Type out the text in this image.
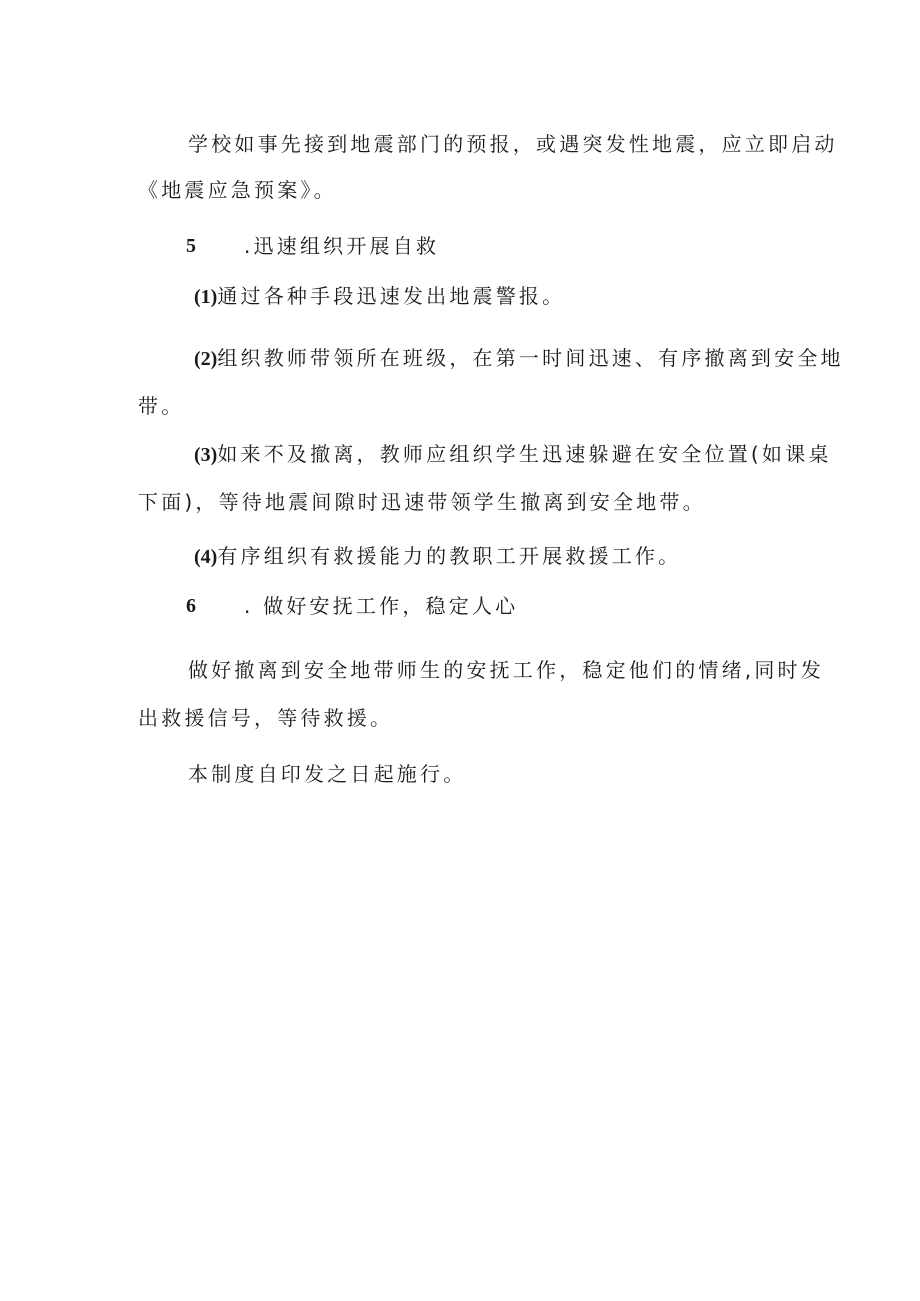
学校如事先接到地震部门的预报，或遇突发性地震，应立即启动
《地震应急预案》。
5 .迅速组织开展自救
(1)通过各种手段迅速发出地震警报。
(2)组织教师带领所在班级，在第一时间迅速、有序撤离到安全地
带。
(3)如来不及撤离，教师应组织学生迅速躲避在安全位置(如课桌
下面)，等待地震间隙时迅速带领学生撤离到安全地带。
(4)有序组织有救援能力的教职工开展救援工作。
6 . 做好安抚工作，稳定人心
做好撤离到安全地带师生的安抚工作，稳定他们的情绪,同时发
出救援信号，等待救援。
本制度自印发之日起施行。
